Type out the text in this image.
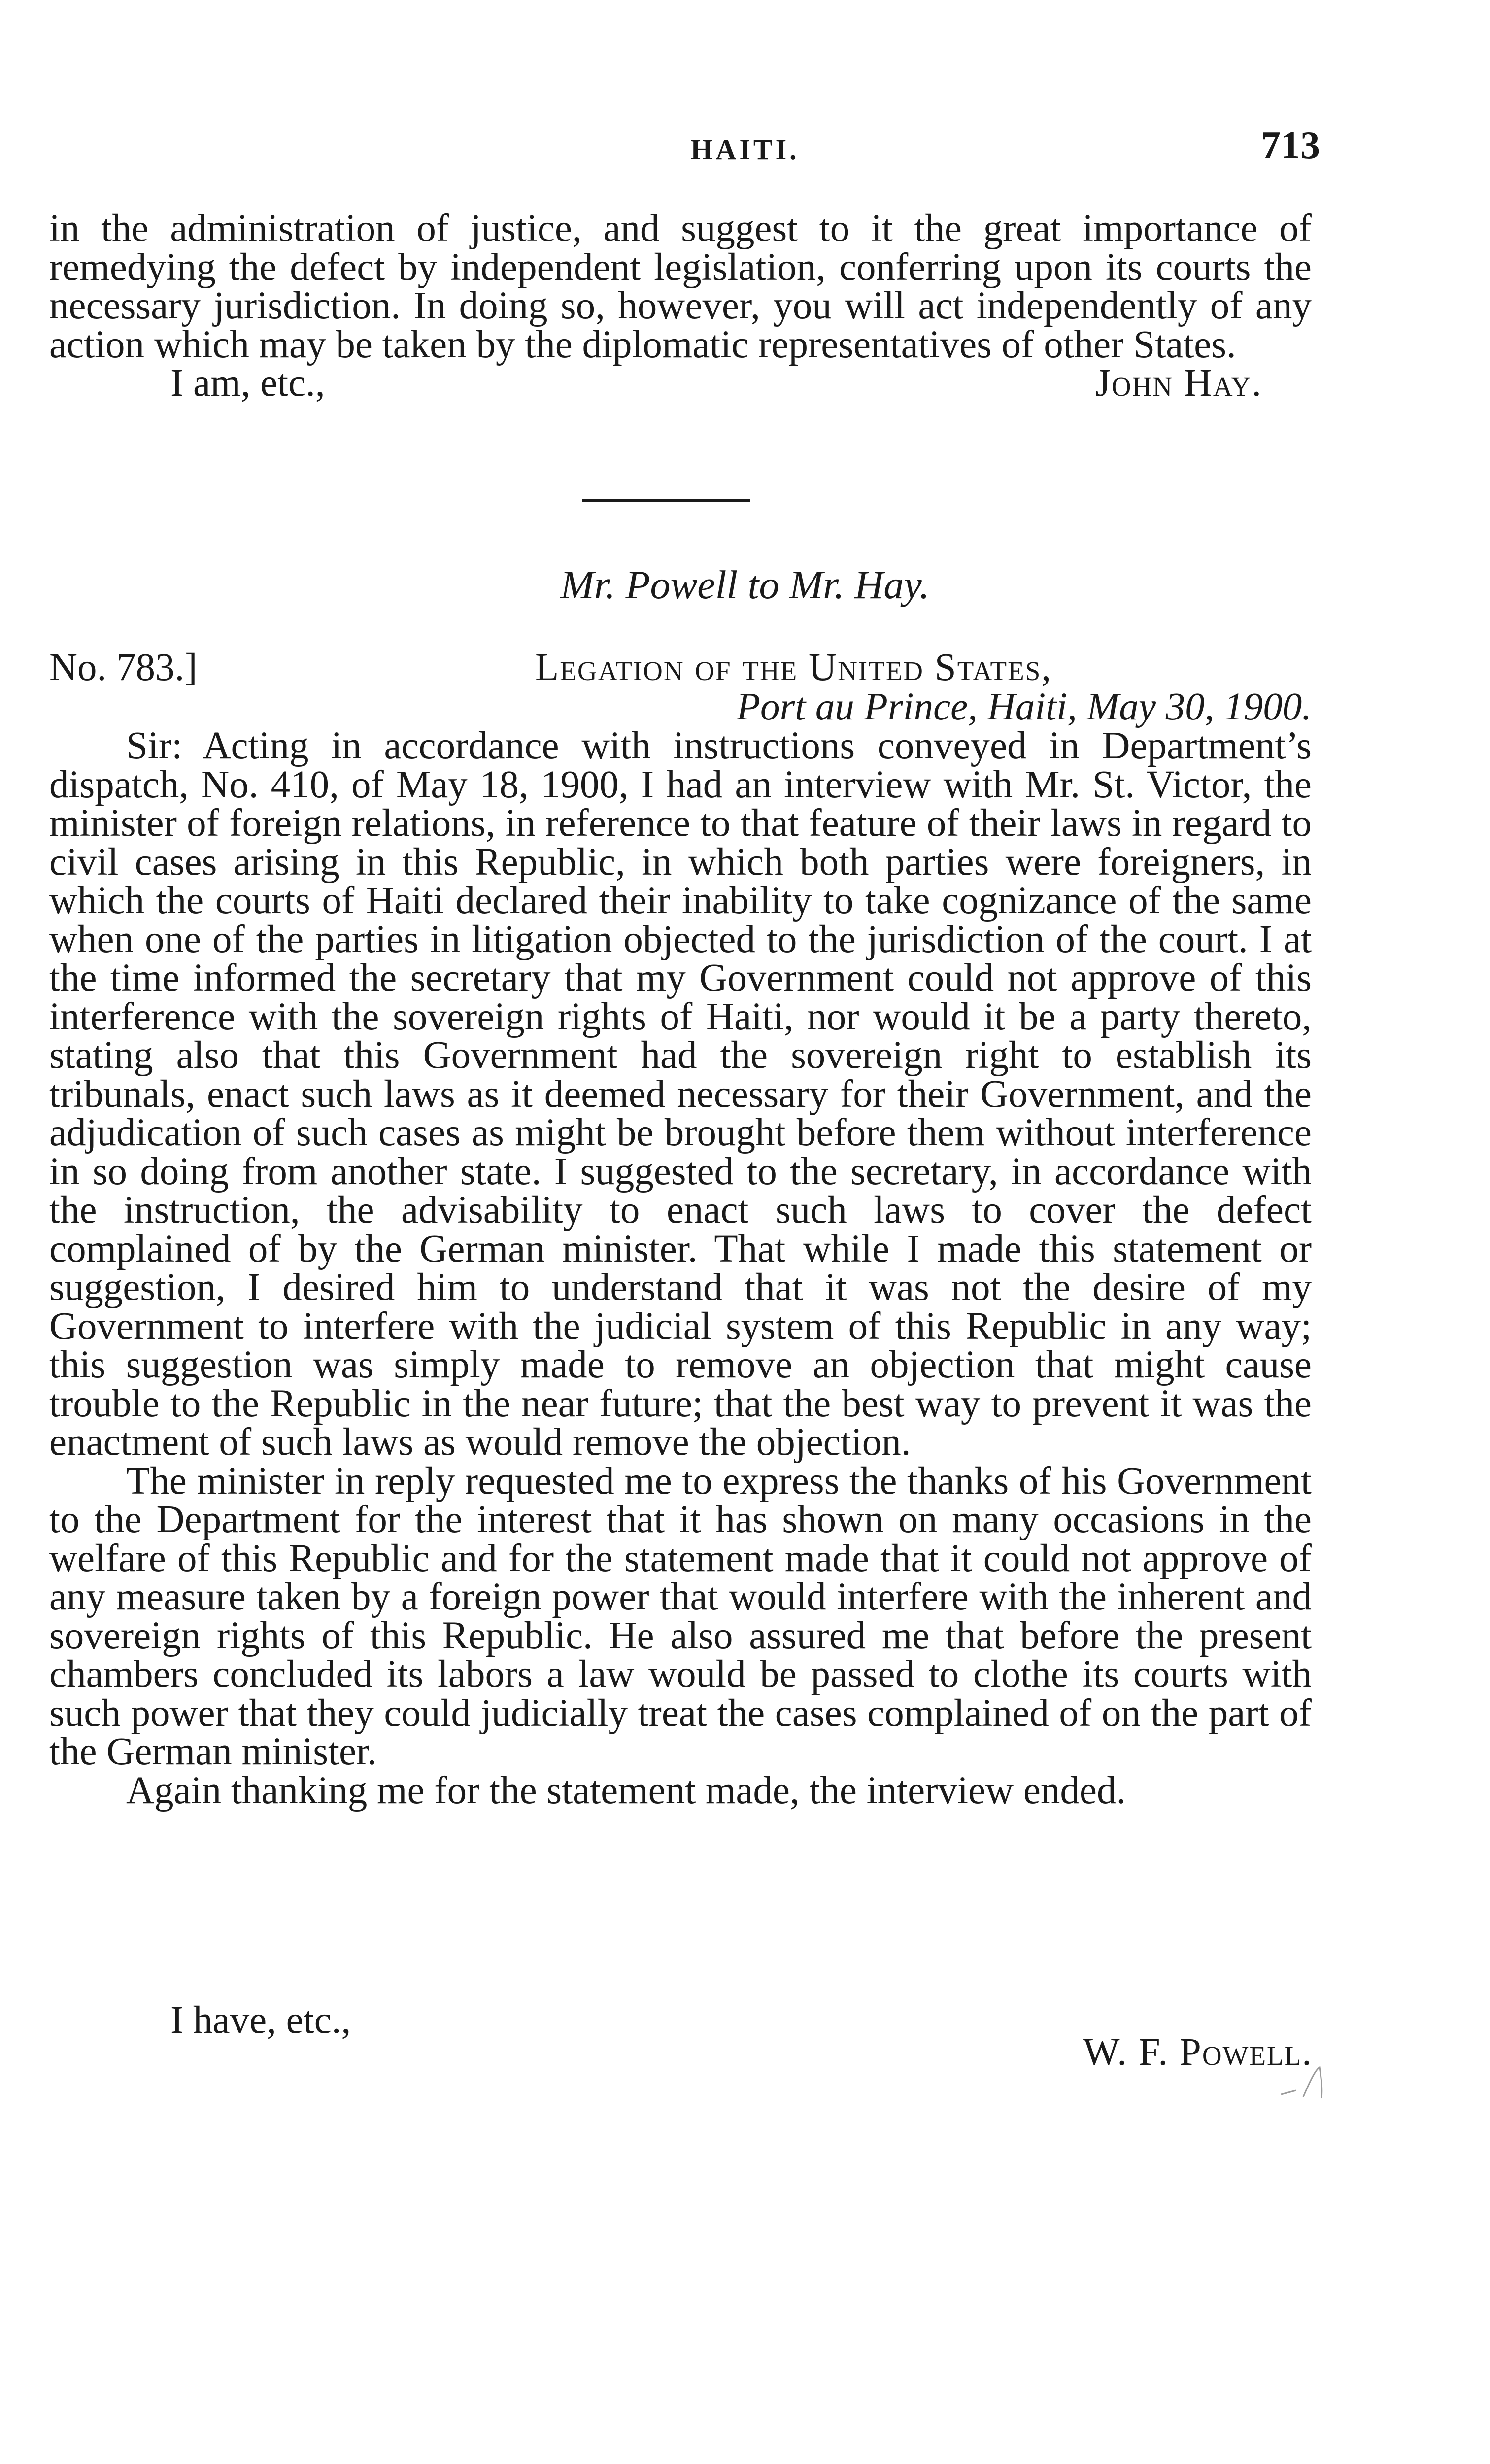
HAITI.	713

in the administration of justice, and suggest to it the great importance of remedying the defect by independent legislation, conferring upon its courts the necessary jurisdiction. In doing so, however, you will act independently of any action which may be taken by the diplomatic representatives of other States.

I am, etc.,	John Hay.
Mr. Powell to Mr. Hay.
No. 783.]	Legation of the United States,
Port au Prince, Haiti, May 30, 1900.

Sir: Acting in accordance with instructions conveyed in Department’s dispatch, No. 410, of May 18, 1900, I had an interview with Mr. St. Victor, the minister of foreign relations, in reference to that feature of their laws in regard to civil cases arising in this Republic, in which both parties were foreigners, in which the courts of Haiti declared their inability to take cognizance of the same when one of the parties in litigation objected to the jurisdiction of the court. I at the time informed the secretary that my Government could not approve of this interference with the sovereign rights of Haiti, nor would it be a party thereto, stating also that this Government had the sovereign right to establish its tribunals, enact such laws as it deemed necessary for their Government, and the adjudication of such cases as might be brought before them without interference in so doing from another state. I suggested to the secretary, in accordance with the instruction, the advisability to enact such laws to cover the defect complained of by the German minister. That while I made this statement or suggestion, I desired him to understand that it was not the desire of my Government to interfere with the judicial system of this Republic in any way; this suggestion was simply made to remove an objection that might cause trouble to the Republic in the near future; that the best way to prevent it was the enactment of such laws as would remove the objection.

The minister in reply requested me to express the thanks of his Government to the Department for the interest that it has shown on many occasions in the welfare of this Republic and for the statement made that it could not approve of any measure taken by a foreign power that would interfere with the inherent and sovereign rights of this Republic. He also assured me that before the present chambers concluded its labors a law would be passed to clothe its courts with such power that they could judicially treat the cases complained of on the part of the German minister.

Again thanking me for the statement made, the interview ended.

I have, etc.,
W. F. Powell.
